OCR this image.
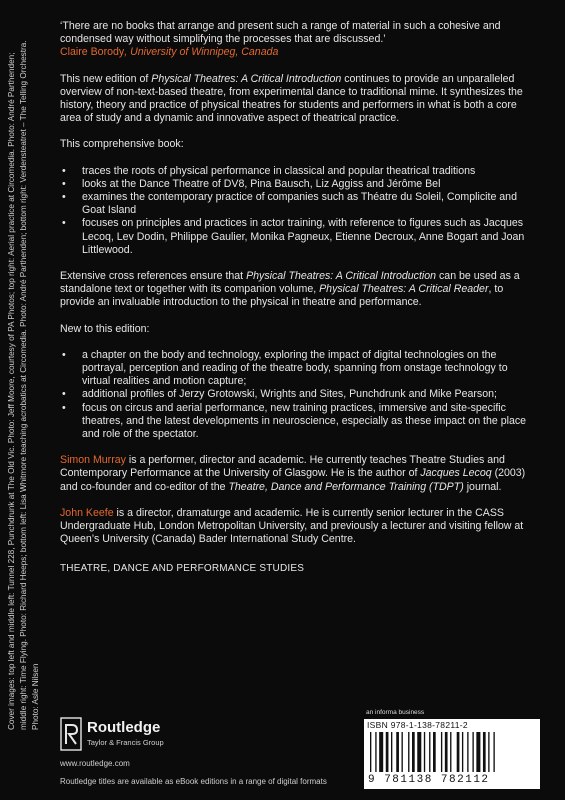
Cover images: top left and middle left: Tunnel 228, Punchdrunk at The Old Vic. Photo: Jeff Moore, courtesy of PA Photos; top right: Aerial practice at Circomedia. Photo: André Parthenden; middle right: Time Flying. Photo: Richard Heeps; bottom left: Lisa Whitmore teaching acrobatics at Circomedia. Photo: André Parthenden; bottom right: Verdensteatret – The Telling Orchestra. Photo: Asle Nilsen
‘There are no books that arrange and present such a range of material in such a cohesive and condensed way without simplifying the processes that are discussed.’
Claire Borody, University of Winnipeg, Canada

This new edition of Physical Theatres: A Critical Introduction continues to provide an unparalleled overview of non-text-based theatre, from experimental dance to traditional mime. It synthesizes the history, theory and practice of physical theatres for students and performers in what is both a core area of study and a dynamic and innovative aspect of theatrical practice.

This comprehensive book:

• traces the roots of physical performance in classical and popular theatrical traditions
• looks at the Dance Theatre of DV8, Pina Bausch, Liz Aggiss and Jérôme Bel
• examines the contemporary practice of companies such as Théatre du Soleil, Complicite and Goat Island
• focuses on principles and practices in actor training, with reference to figures such as Jacques Lecoq, Lev Dodin, Philippe Gaulier, Monika Pagneux, Etienne Decroux, Anne Bogart and Joan Littlewood.

Extensive cross references ensure that Physical Theatres: A Critical Introduction can be used as a standalone text or together with its companion volume, Physical Theatres: A Critical Reader, to provide an invaluable introduction to the physical in theatre and performance.

New to this edition:

• a chapter on the body and technology, exploring the impact of digital technologies on the portrayal, perception and reading of the theatre body, spanning from onstage technology to virtual realities and motion capture;
• additional profiles of Jerzy Grotowski, Wrights and Sites, Punchdrunk and Mike Pearson;
• focus on circus and aerial performance, new training practices, immersive and site-specific theatres, and the latest developments in neuroscience, especially as these impact on the place and role of the spectator.

Simon Murray is a performer, director and academic. He currently teaches Theatre Studies and Contemporary Performance at the University of Glasgow. He is the author of Jacques Lecoq (2003) and co-founder and co-editor of the Theatre, Dance and Performance Training (TDPT) journal.

John Keefe is a director, dramaturge and academic. He is currently senior lecturer in the CASS Undergraduate Hub, London Metropolitan University, and previously a lecturer and visiting fellow at Queen’s University (Canada) Bader International Study Centre.

THEATRE, DANCE AND PERFORMANCE STUDIES
Routledge
Taylor & Francis Group
www.routledge.com
Routledge titles are available as eBook editions in a range of digital formats
an informa business
ISBN 978-1-138-78211-2
9 781138 782112
